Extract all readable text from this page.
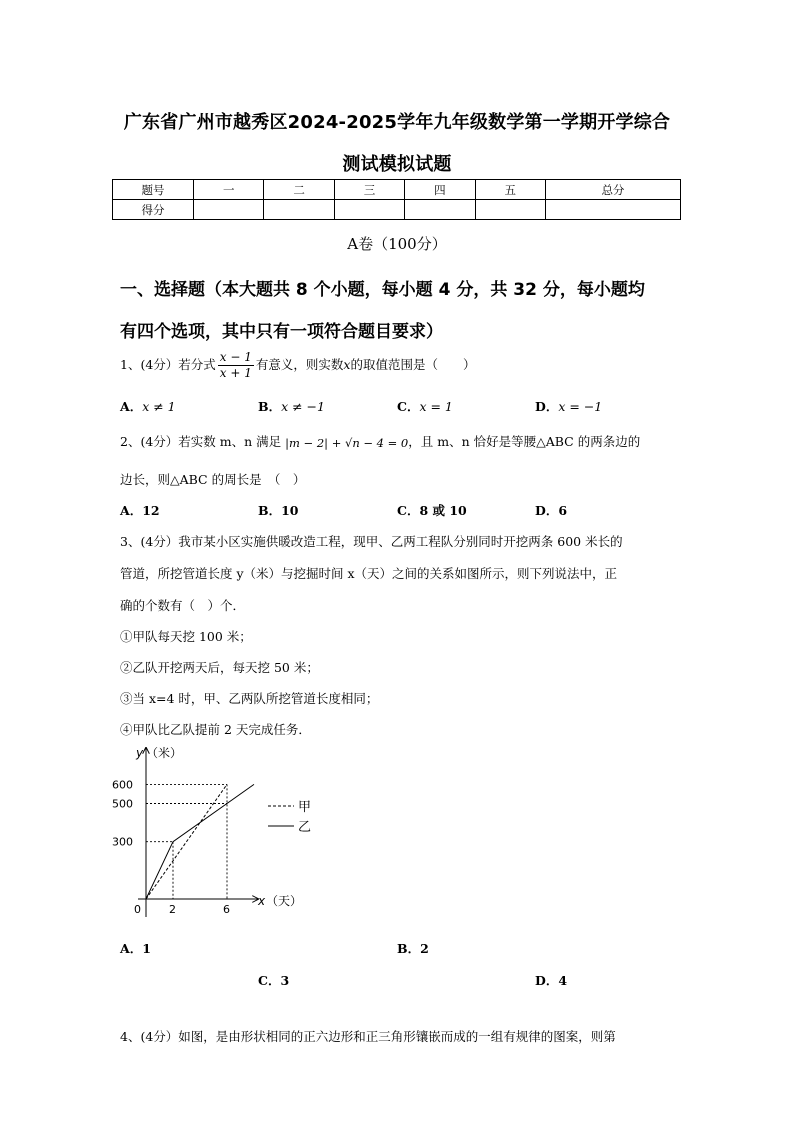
广东省广州市越秀区2024-2025学年九年级数学第一学期开学综合
测试模拟试题
题号	一	二	三	四	五	总分
得分						
A卷（100分）
一、选择题（本大题共 8 个小题，每小题 4 分，共 32 分，每小题均
有四个选项，其中只有一项符合题目要求）
1、(4分）若分式 $\frac{x - 1}{x + 1}$ 有意义，则实数x的取值范围是（　　）
A．x ≠ 1	B．x ≠ −1	C．x = 1	D．x = −1
2、(4分）若实数 m、n 满足 |m − 2| + √n − 4 = 0，且 m、n 恰好是等腰△ABC 的两条边的
边长，则△ABC 的周长是　（　）
A．12	B．10	C．8 或 10	D．6
3、(4分）我市某小区实施供暖改造工程，现甲、乙两工程队分别同时开挖两条 600 米长的
管道，所挖管道长度 y（米）与挖掘时间 x（天）之间的关系如图所示，则下列说法中，正
确的个数有（　）个．
①甲队每天挖 100 米；
②乙队开挖两天后，每天挖 50 米；
③当 x=4 时，甲、乙两队所挖管道长度相同；
④甲队比乙队提前 2 天完成任务．
y （米）
x （天）
0
300
500
600
2	6
甲
乙
A．1	B．2
C．3	D．4
4、(4分）如图，是由形状相同的正六边形和正三角形镶嵌而成的一组有规律的图案，则第
